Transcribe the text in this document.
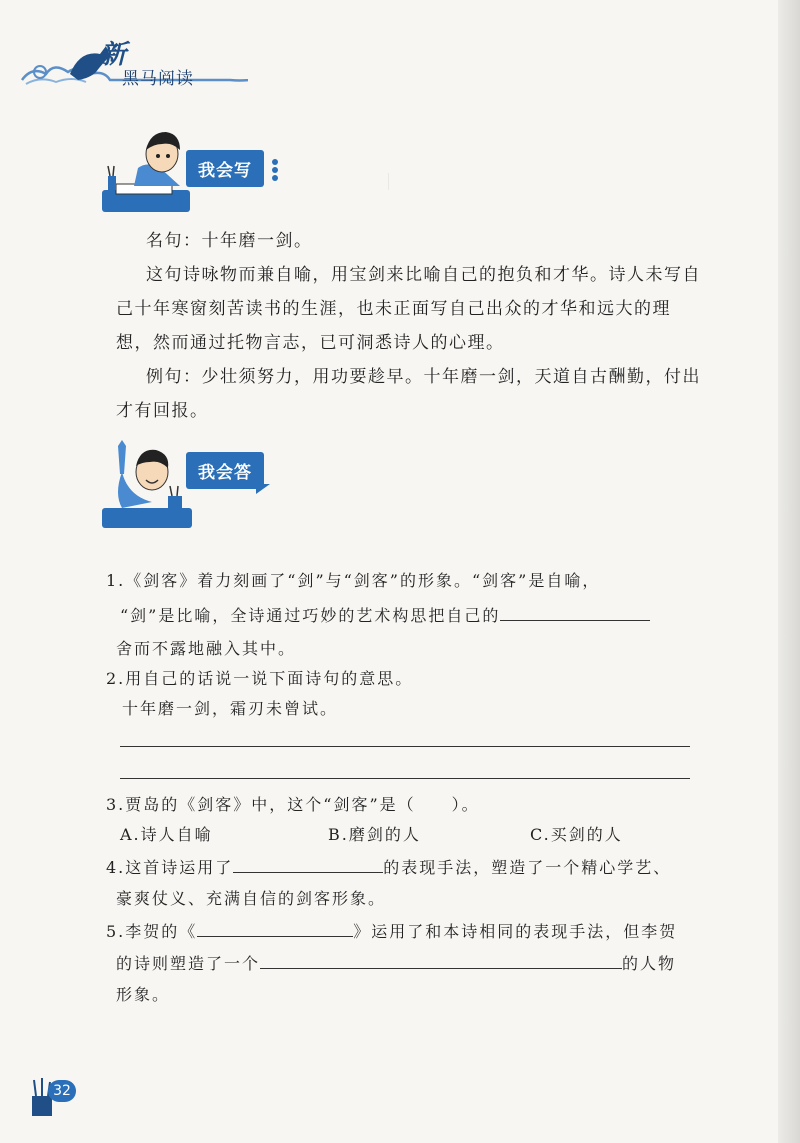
｜
新
黑马阅读
我会写

名句：十年磨一剑。

这句诗咏物而兼自喻，用宝剑来比喻自己的抱负和才华。诗人未写自己十年寒窗刻苦读书的生涯，也未正面写自己出众的才华和远大的理想，然而通过托物言志，已可洞悉诗人的心理。

例句：少壮须努力，用功要趁早。十年磨一剑，天道自古酬勤，付出才有回报。

我会答

1.《剑客》着力刻画了“剑”与“剑客”的形象。“剑客”是自喻，

“剑”是比喻，全诗通过巧妙的艺术构思把自己的

舍而不露地融入其中。

2.用自己的话说一说下面诗句的意思。

十年磨一剑，霜刃未曾试。

3.贾岛的《剑客》中，这个“剑客”是（　　）。

A.诗人自喻	B.磨剑的人	C.买剑的人

4.这首诗运用了	的表现手法，塑造了一个精心学艺、

豪爽仗义、充满自信的剑客形象。

5.李贺的《	》运用了和本诗相同的表现手法，但李贺

的诗则塑造了一个	的人物

形象。

32
